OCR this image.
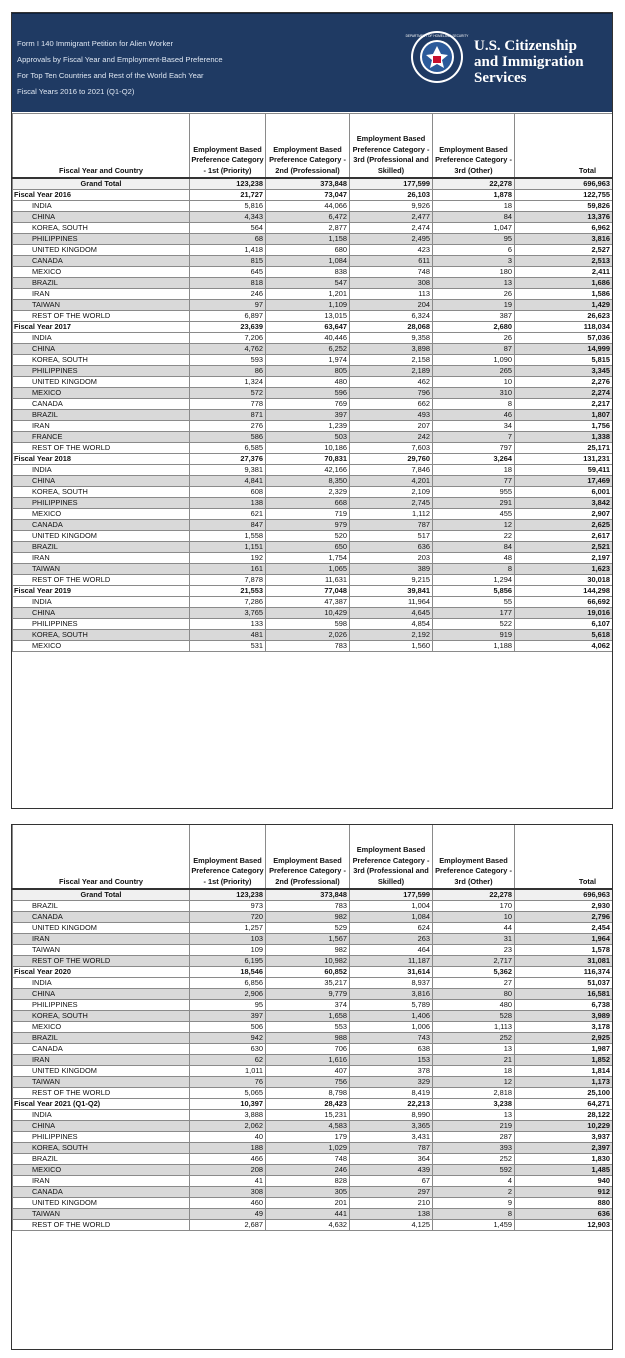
Form I 140 Immigrant Petition for Alien Worker
Approvals by Fiscal Year and Employment-Based Preference
For Top Ten Countries and Rest of the World Each Year
Fiscal Years 2016 to 2021 (Q1-Q2)
DEPARTMENT OF HOMELAND SECURITY
U.S. Citizenship
and Immigration
Services
Fiscal Year and Country	Employment Based Preference Category - 1st (Priority)	Employment Based Preference Category - 2nd (Professional)	Employment Based Preference Category - 3rd (Professional and Skilled)	Employment Based Preference Category - 3rd (Other)	Total
Grand Total	123,238	373,848	177,599	22,278	696,963
Fiscal Year 2016	21,727	73,047	26,103	1,878	122,755
INDIA	5,816	44,066	9,926	18	59,826
CHINA	4,343	6,472	2,477	84	13,376
KOREA, SOUTH	564	2,877	2,474	1,047	6,962
PHILIPPINES	68	1,158	2,495	95	3,816
UNITED KINGDOM	1,418	680	423	6	2,527
CANADA	815	1,084	611	3	2,513
MEXICO	645	838	748	180	2,411
BRAZIL	818	547	308	13	1,686
IRAN	246	1,201	113	26	1,586
TAIWAN	97	1,109	204	19	1,429
REST OF THE WORLD	6,897	13,015	6,324	387	26,623
Fiscal Year 2017	23,639	63,647	28,068	2,680	118,034
INDIA	7,206	40,446	9,358	26	57,036
CHINA	4,762	6,252	3,898	87	14,999
KOREA, SOUTH	593	1,974	2,158	1,090	5,815
PHILIPPINES	86	805	2,189	265	3,345
UNITED KINGDOM	1,324	480	462	10	2,276
MEXICO	572	596	796	310	2,274
CANADA	778	769	662	8	2,217
BRAZIL	871	397	493	46	1,807
IRAN	276	1,239	207	34	1,756
FRANCE	586	503	242	7	1,338
REST OF THE WORLD	6,585	10,186	7,603	797	25,171
Fiscal Year 2018	27,376	70,831	29,760	3,264	131,231
INDIA	9,381	42,166	7,846	18	59,411
CHINA	4,841	8,350	4,201	77	17,469
KOREA, SOUTH	608	2,329	2,109	955	6,001
PHILIPPINES	138	668	2,745	291	3,842
MEXICO	621	719	1,112	455	2,907
CANADA	847	979	787	12	2,625
UNITED KINGDOM	1,558	520	517	22	2,617
BRAZIL	1,151	650	636	84	2,521
IRAN	192	1,754	203	48	2,197
TAIWAN	161	1,065	389	8	1,623
REST OF THE WORLD	7,878	11,631	9,215	1,294	30,018
Fiscal Year 2019	21,553	77,048	39,841	5,856	144,298
INDIA	7,286	47,387	11,964	55	66,692
CHINA	3,765	10,429	4,645	177	19,016
PHILIPPINES	133	598	4,854	522	6,107
KOREA, SOUTH	481	2,026	2,192	919	5,618
MEXICO	531	783	1,560	1,188	4,062
Fiscal Year and Country	Employment Based Preference Category - 1st (Priority)	Employment Based Preference Category - 2nd (Professional)	Employment Based Preference Category - 3rd (Professional and Skilled)	Employment Based Preference Category - 3rd (Other)	Total
Grand Total	123,238	373,848	177,599	22,278	696,963
BRAZIL	973	783	1,004	170	2,930
CANADA	720	982	1,084	10	2,796
UNITED KINGDOM	1,257	529	624	44	2,454
IRAN	103	1,567	263	31	1,964
TAIWAN	109	982	464	23	1,578
REST OF THE WORLD	6,195	10,982	11,187	2,717	31,081
Fiscal Year 2020	18,546	60,852	31,614	5,362	116,374
INDIA	6,856	35,217	8,937	27	51,037
CHINA	2,906	9,779	3,816	80	16,581
PHILIPPINES	95	374	5,789	480	6,738
KOREA, SOUTH	397	1,658	1,406	528	3,989
MEXICO	506	553	1,006	1,113	3,178
BRAZIL	942	988	743	252	2,925
CANADA	630	706	638	13	1,987
IRAN	62	1,616	153	21	1,852
UNITED KINGDOM	1,011	407	378	18	1,814
TAIWAN	76	756	329	12	1,173
REST OF THE WORLD	5,065	8,798	8,419	2,818	25,100
Fiscal Year 2021 (Q1-Q2)	10,397	28,423	22,213	3,238	64,271
INDIA	3,888	15,231	8,990	13	28,122
CHINA	2,062	4,583	3,365	219	10,229
PHILIPPINES	40	179	3,431	287	3,937
KOREA, SOUTH	188	1,029	787	393	2,397
BRAZIL	466	748	364	252	1,830
MEXICO	208	246	439	592	1,485
IRAN	41	828	67	4	940
CANADA	308	305	297	2	912
UNITED KINGDOM	460	201	210	9	880
TAIWAN	49	441	138	8	636
REST OF THE WORLD	2,687	4,632	4,125	1,459	12,903
